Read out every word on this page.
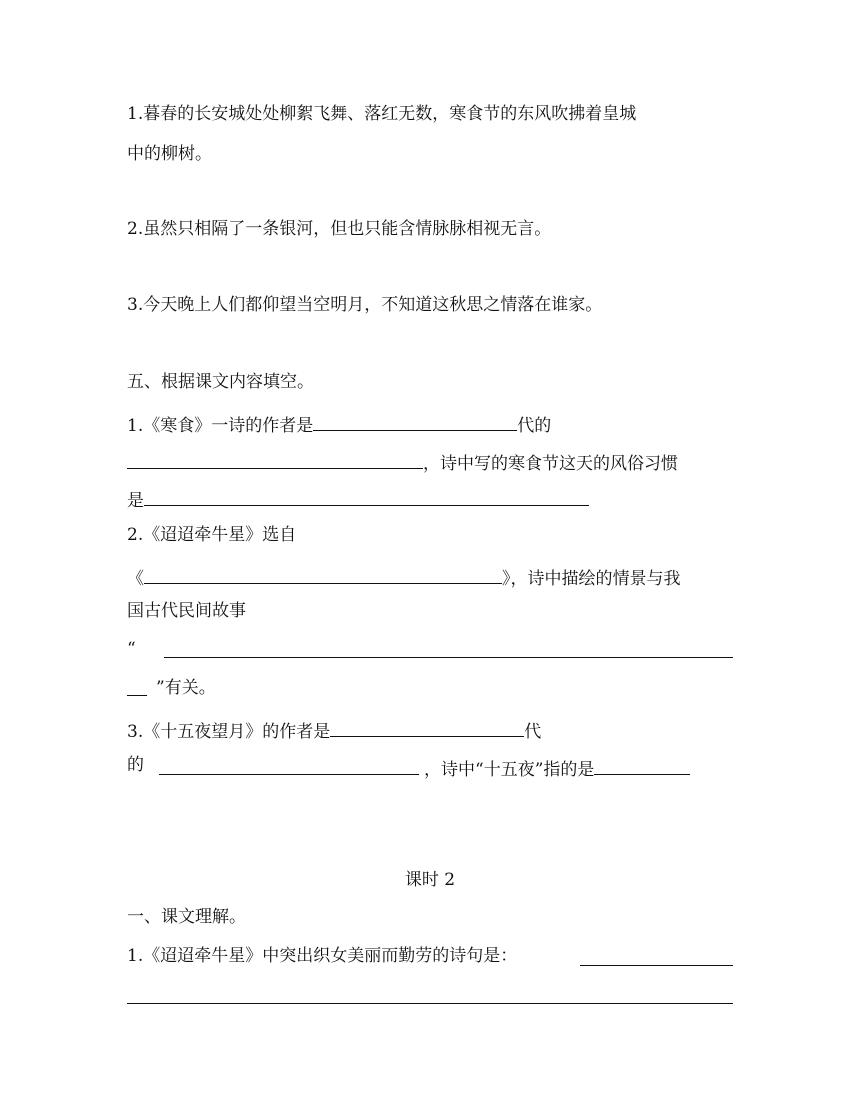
1.暮春的长安城处处柳絮飞舞、落红无数，寒食节的东风吹拂着皇城
中的柳树。
2.虽然只相隔了一条银河，但也只能含情脉脉相视无言。
3.今天晚上人们都仰望当空明月，不知道这秋思之情落在谁家。
五、根据课文内容填空。
1.《寒食》一诗的作者是	代的
，诗中写的寒食节这天的风俗习惯
是
2.《迢迢牵牛星》选自
《	》，诗中描绘的情景与我
国古代民间故事
“
”有关。
3.《十五夜望月》的作者是	代
的	，诗中“十五夜”指的是
课时 2
一、课文理解。
1.《迢迢牵牛星》中突出织女美丽而勤劳的诗句是：
